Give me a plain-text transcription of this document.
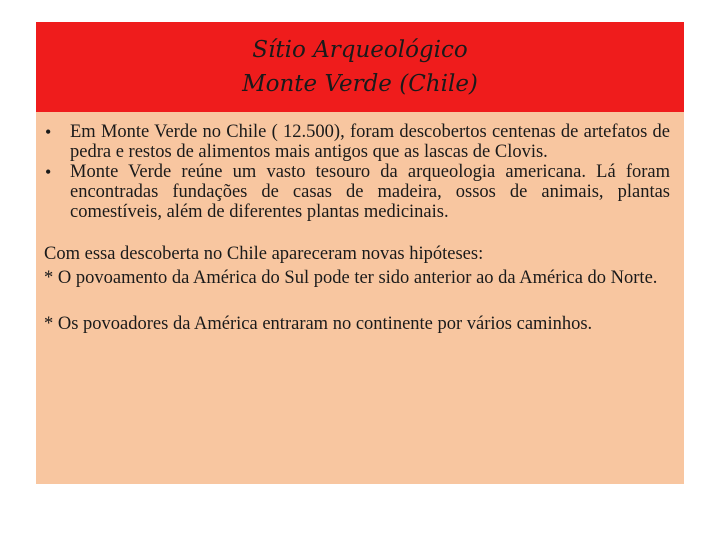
Sítio Arqueológico
Monte Verde (Chile)
• Em Monte Verde no Chile ( 12.500), foram descobertos centenas de artefatos de pedra e restos de alimentos mais antigos que as lascas de Clovis.
• Monte Verde reúne um vasto tesouro da arqueologia americana. Lá foram encontradas fundações de casas de madeira, ossos de animais, plantas comestíveis, além de diferentes plantas medicinais.

Com essa descoberta no Chile apareceram novas hipóteses:
* O povoamento da América do Sul pode ter sido anterior ao da América do Norte.

* Os povoadores da América entraram no continente por vários caminhos.
